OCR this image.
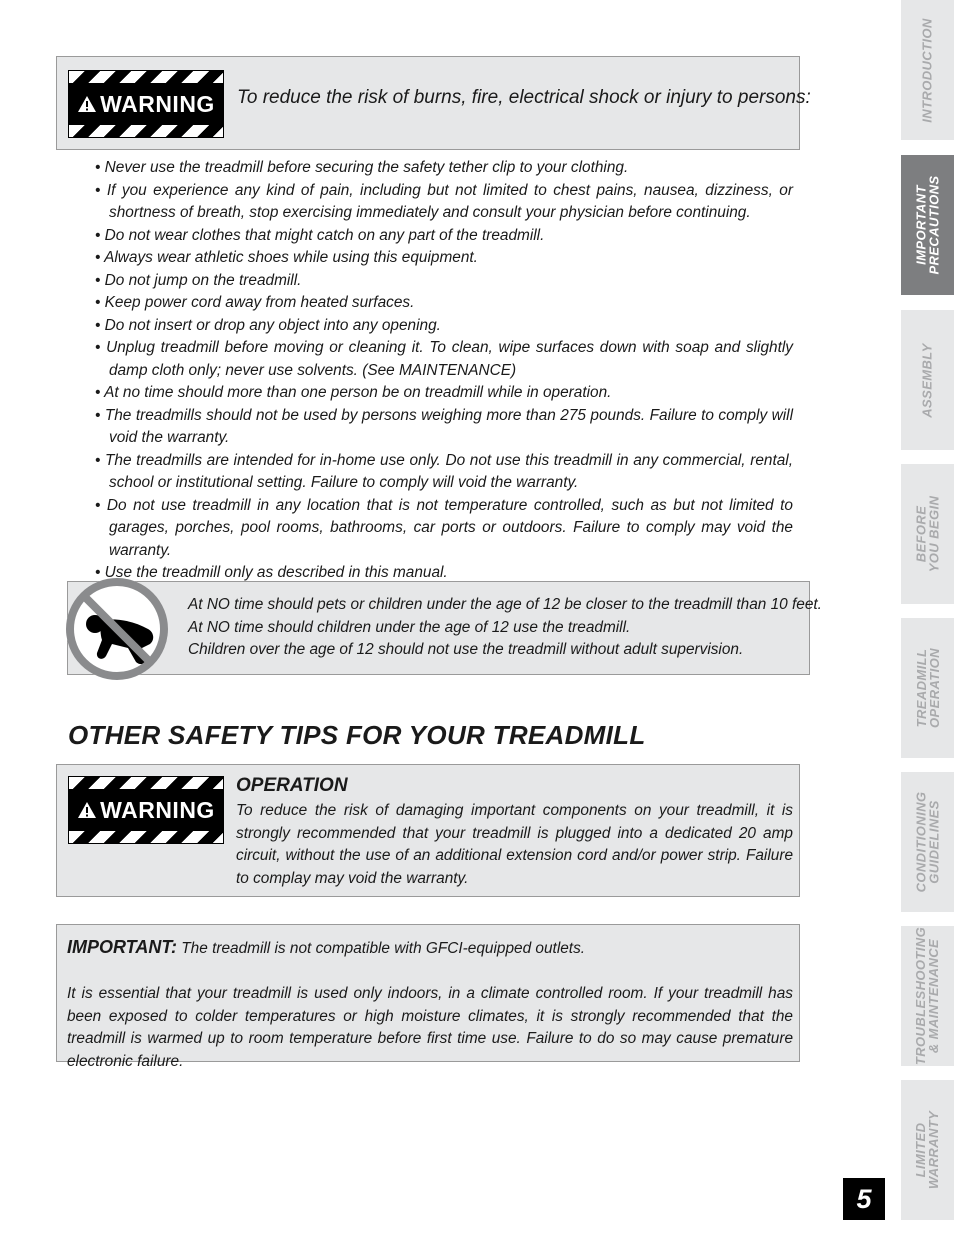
WARNING To reduce the risk of burns, fire, electrical shock or injury to persons:
• Never use the treadmill before securing the safety tether clip to your clothing.
• If you experience any kind of pain, including but not limited to chest pains, nausea, dizziness, or shortness of breath, stop exercising immediately and consult your physician before continuing.
• Do not wear clothes that might catch on any part of the treadmill.
• Always wear athletic shoes while using this equipment.
• Do not jump on the treadmill.
• Keep power cord away from heated surfaces.
• Do not insert or drop any object into any opening.
• Unplug treadmill before moving or cleaning it. To clean, wipe surfaces down with soap and slightly damp cloth only; never use solvents. (See MAINTENANCE)
• At no time should more than one person be on treadmill while in operation.
• The treadmills should not be used by persons weighing more than 275 pounds. Failure to comply will void the warranty.
• The treadmills are intended for in-home use only. Do not use this treadmill in any commercial, rental, school or institutional setting. Failure to comply will void the warranty.
• Do not use treadmill in any location that is not temperature controlled, such as but not limited to garages, porches, pool rooms, bathrooms, car ports or outdoors. Failure to comply may void the warranty.
• Use the treadmill only as described in this manual.
At NO time should pets or children under the age of 12 be closer to the treadmill than 10 feet.
At NO time should children under the age of 12 use the treadmill.
Children over the age of 12 should not use the treadmill without adult supervision.
OTHER SAFETY TIPS FOR YOUR TREADMILL
WARNING
OPERATION
To reduce the risk of damaging important components on your treadmill, it is strongly recommended that your treadmill is plugged into a dedicated 20 amp circuit, without the use of an additional extension cord and/or power strip. Failure to complay may void the warranty.
IMPORTANT: The treadmill is not compatible with GFCI-equipped outlets.
It is essential that your treadmill is used only indoors, in a climate controlled room. If your treadmill has been exposed to colder temperatures or high moisture climates, it is strongly recommended that the treadmill is warmed up to room temperature before first time use. Failure to do so may cause premature electronic failure.
INTRODUCTION
IMPORTANT
PRECAUTIONS
ASSEMBLY
BEFORE
YOU BEGIN
TREADMILL
OPERATION
CONDITIONING
GUIDELINES
TROUBLESHOOTING
& MAINTENANCE
LIMITED
WARRANTY
5
